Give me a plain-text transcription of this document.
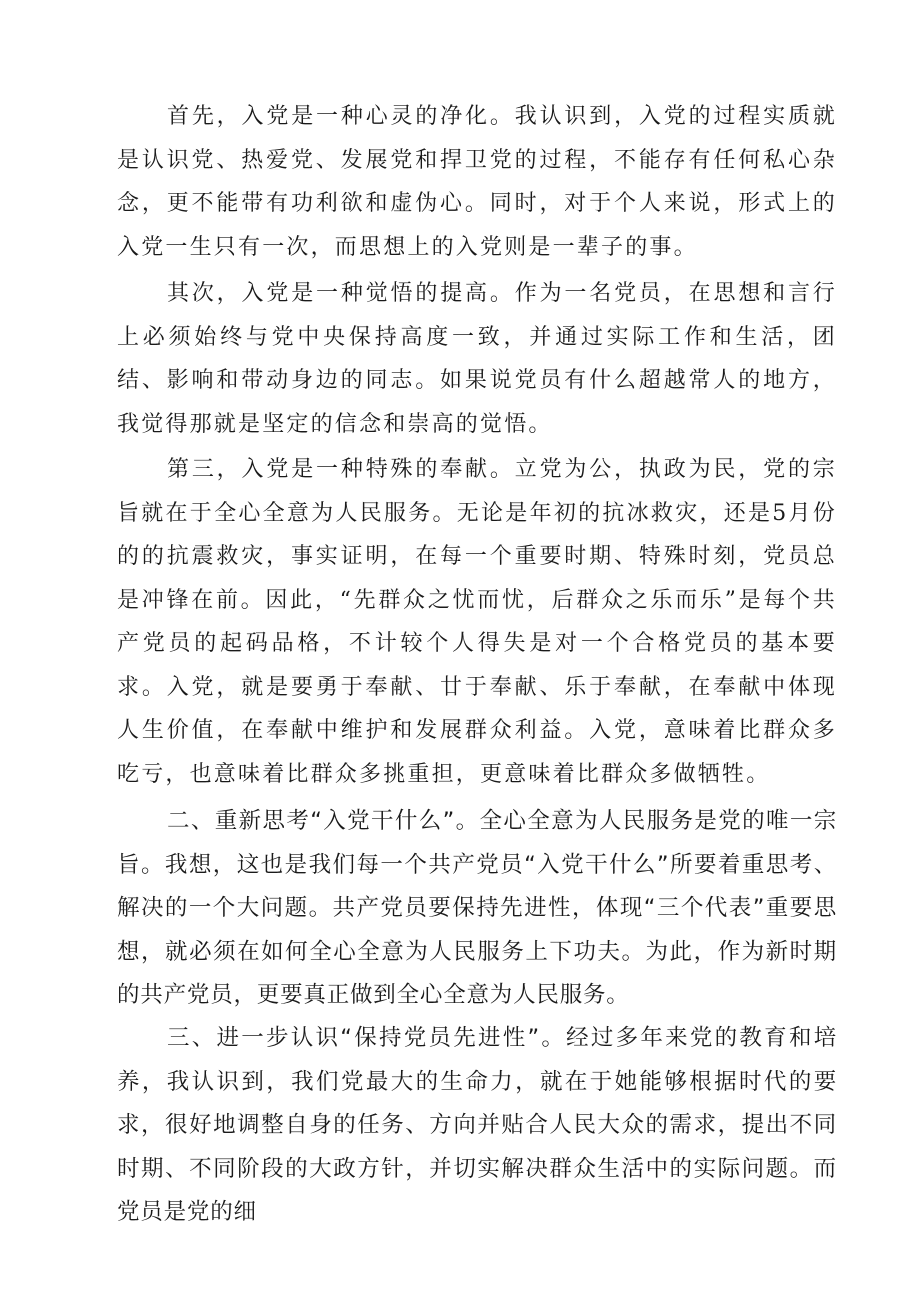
首先，入党是一种心灵的净化。我认识到，入党的过程实质就是认识党、热爱党、发展党和捍卫党的过程，不能存有任何私心杂念，更不能带有功利欲和虚伪心。同时，对于个人来说，形式上的入党一生只有一次，而思想上的入党则是一辈子的事。

其次，入党是一种觉悟的提高。作为一名党员，在思想和言行上必须始终与党中央保持高度一致，并通过实际工作和生活，团结、影响和带动身边的同志。如果说党员有什么超越常人的地方，我觉得那就是坚定的信念和崇高的觉悟。

第三，入党是一种特殊的奉献。立党为公，执政为民，党的宗旨就在于全心全意为人民服务。无论是年初的抗冰救灾，还是5月份的的抗震救灾，事实证明，在每一个重要时期、特殊时刻，党员总是冲锋在前。因此，“先群众之忧而忧，后群众之乐而乐”是每个共产党员的起码品格，不计较个人得失是对一个合格党员的基本要求。入党，就是要勇于奉献、廿于奉献、乐于奉献，在奉献中体现人生价值，在奉献中维护和发展群众利益。入党，意味着比群众多吃亏，也意味着比群众多挑重担，更意味着比群众多做牺牲。

二、重新思考“入党干什么”。全心全意为人民服务是党的唯一宗旨。我想，这也是我们每一个共产党员“入党干什么”所要着重思考、解决的一个大问题。共产党员要保持先进性，体现“三个代表”重要思想，就必须在如何全心全意为人民服务上下功夫。为此，作为新时期的共产党员，更要真正做到全心全意为人民服务。

三、进一步认识“保持党员先进性”。经过多年来党的教育和培养，我认识到，我们党最大的生命力，就在于她能够根据时代的要求，很好地调整自身的任务、方向并贴合人民大众的需求，提出不同时期、不同阶段的大政方针，并切实解决群众生活中的实际问题。而党员是党的细
